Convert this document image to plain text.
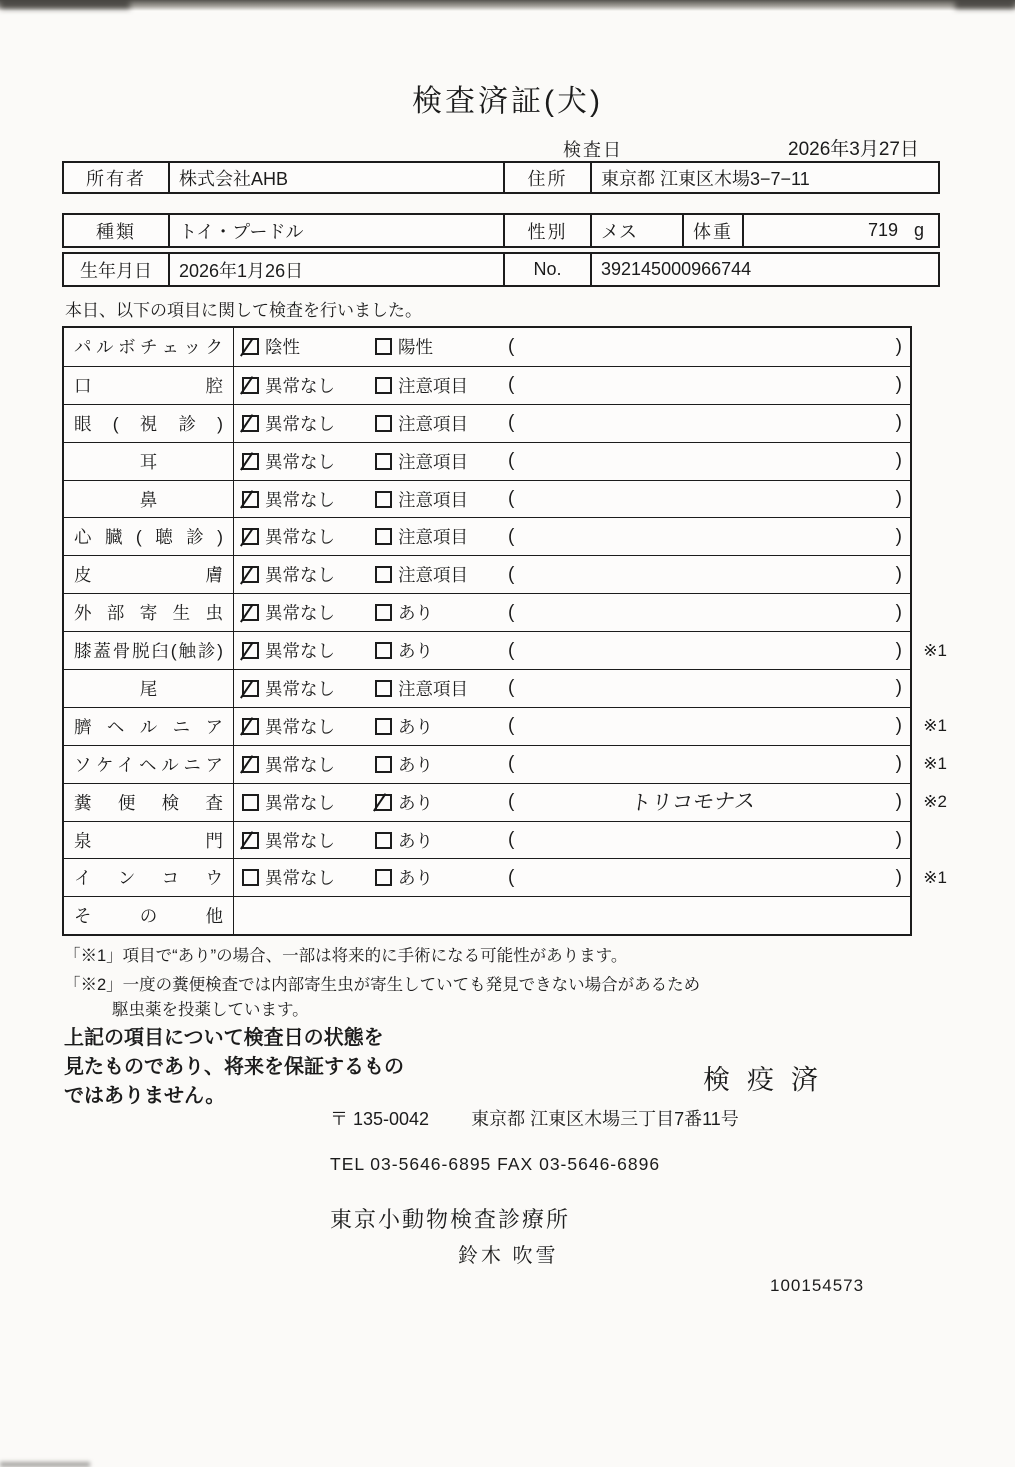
検査済証(犬)
検査日	2026年3月27日
所有者	株式会社AHB	住所	東京都 江東区木場3−7−11
種類	トイ・プードル	性別	メス	体重	719 g
生年月日	2026年1月26日	No.	392145000966744
本日、以下の項目に関して検査を行いました。
パルボチェック 陰性	陽性	(	)
口腔 異常なし	注意項目 (	)
眼(視診) 異常なし	注意項目 (	)
耳	異常なし	注意項目 (	)
鼻	異常なし	注意項目 (	)
心臓(聴診) 異常なし	注意項目 (	)
皮膚 異常なし	注意項目 (	)
外部寄生虫 異常なし	あり	(	)
膝蓋骨脱臼(触診) 異常なし	あり	(	) ※1
尾	異常なし	注意項目 (	)
臍ヘルニア 異常なし	あり	(	) ※1
ソケイヘルニア 異常なし	あり	(	) ※1
糞便検査 異常なし	あり	(	トリコモナス	) ※2
泉門 異常なし	あり	(	)
インコウ 異常なし	あり	(	) ※1
その他
「※1」項目で“あり”の場合、一部は将来的に手術になる可能性があります。
「※2」一度の糞便検査では内部寄生虫が寄生していても発見できない場合があるため
駆虫薬を投薬しています。
上記の項目について検査日の状態を
見たものであり、将来を保証するもの
ではありません。
検疫済
〒 135-0042 東京都 江東区木場三丁目7番11号
TEL 03-5646-6895 FAX 03-5646-6896
東京小動物検査診療所
鈴木 吹雪
100154573
